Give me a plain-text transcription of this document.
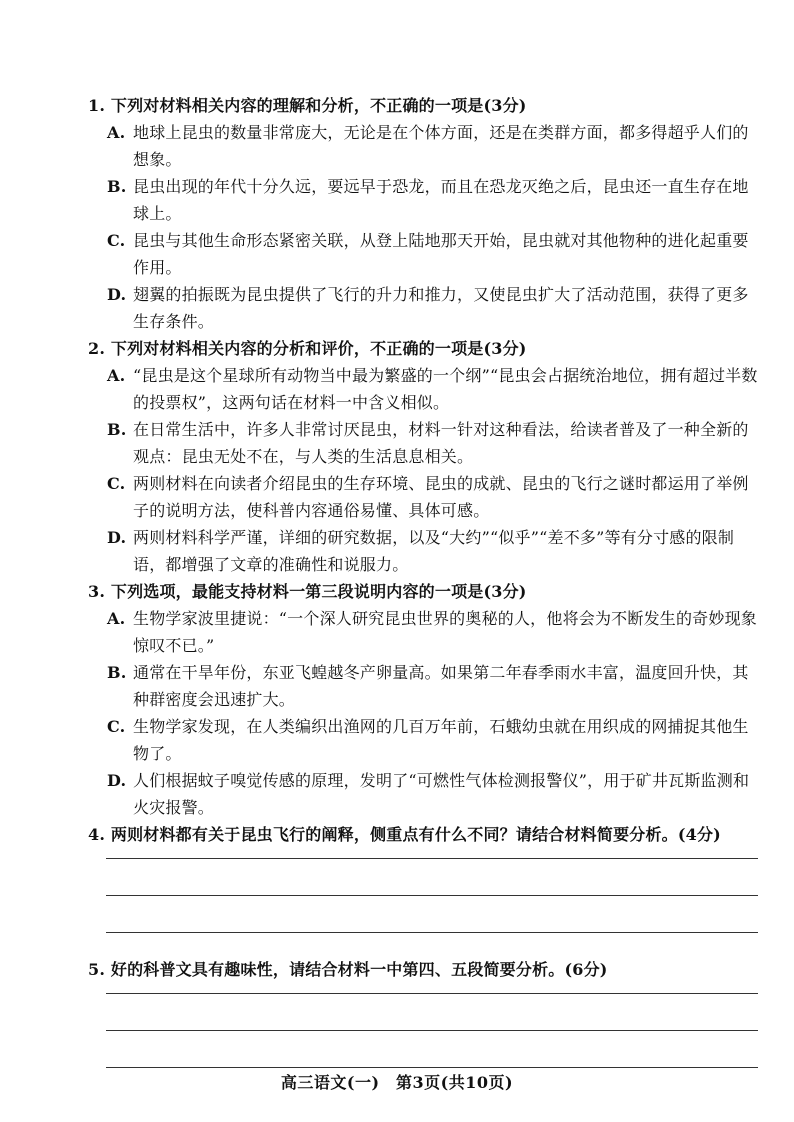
1. 下列对材料相关内容的理解和分析，不正确的一项是(3分)

A. 地球上昆虫的数量非常庞大，无论是在个体方面，还是在类群方面，都多得超乎人们的想象。

B. 昆虫出现的年代十分久远，要远早于恐龙，而且在恐龙灭绝之后，昆虫还一直生存在地球上。

C. 昆虫与其他生命形态紧密关联，从登上陆地那天开始，昆虫就对其他物种的进化起重要作用。

D. 翅翼的拍振既为昆虫提供了飞行的升力和推力，又使昆虫扩大了活动范围，获得了更多生存条件。

2. 下列对材料相关内容的分析和评价，不正确的一项是(3分)

A. “昆虫是这个星球所有动物当中最为繁盛的一个纲”“昆虫会占据统治地位，拥有超过半数的投票权”，这两句话在材料一中含义相似。

B. 在日常生活中，许多人非常讨厌昆虫，材料一针对这种看法，给读者普及了一种全新的观点：昆虫无处不在，与人类的生活息息相关。

C. 两则材料在向读者介绍昆虫的生存环境、昆虫的成就、昆虫的飞行之谜时都运用了举例子的说明方法，使科普内容通俗易懂、具体可感。

D. 两则材料科学严谨，详细的研究数据，以及“大约”“似乎”“差不多”等有分寸感的限制语，都增强了文章的准确性和说服力。

3. 下列选项，最能支持材料一第三段说明内容的一项是(3分)

A. 生物学家波里捷说：“一个深人研究昆虫世界的奥秘的人，他将会为不断发生的奇妙现象惊叹不已。”

B. 通常在干旱年份，东亚飞蝗越冬产卵量高。如果第二年春季雨水丰富，温度回升快，其种群密度会迅速扩大。

C. 生物学家发现，在人类编织出渔网的几百万年前，石蛾幼虫就在用织成的网捕捉其他生物了。

D. 人们根据蚊子嗅觉传感的原理，发明了“可燃性气体检测报警仪”，用于矿井瓦斯监测和火灾报警。

4. 两则材料都有关于昆虫飞行的阐释，侧重点有什么不同？请结合材料简要分析。(4分)

5. 好的科普文具有趣味性，请结合材料一中第四、五段简要分析。(6分)

高三语文(一)　第3页(共10页)
